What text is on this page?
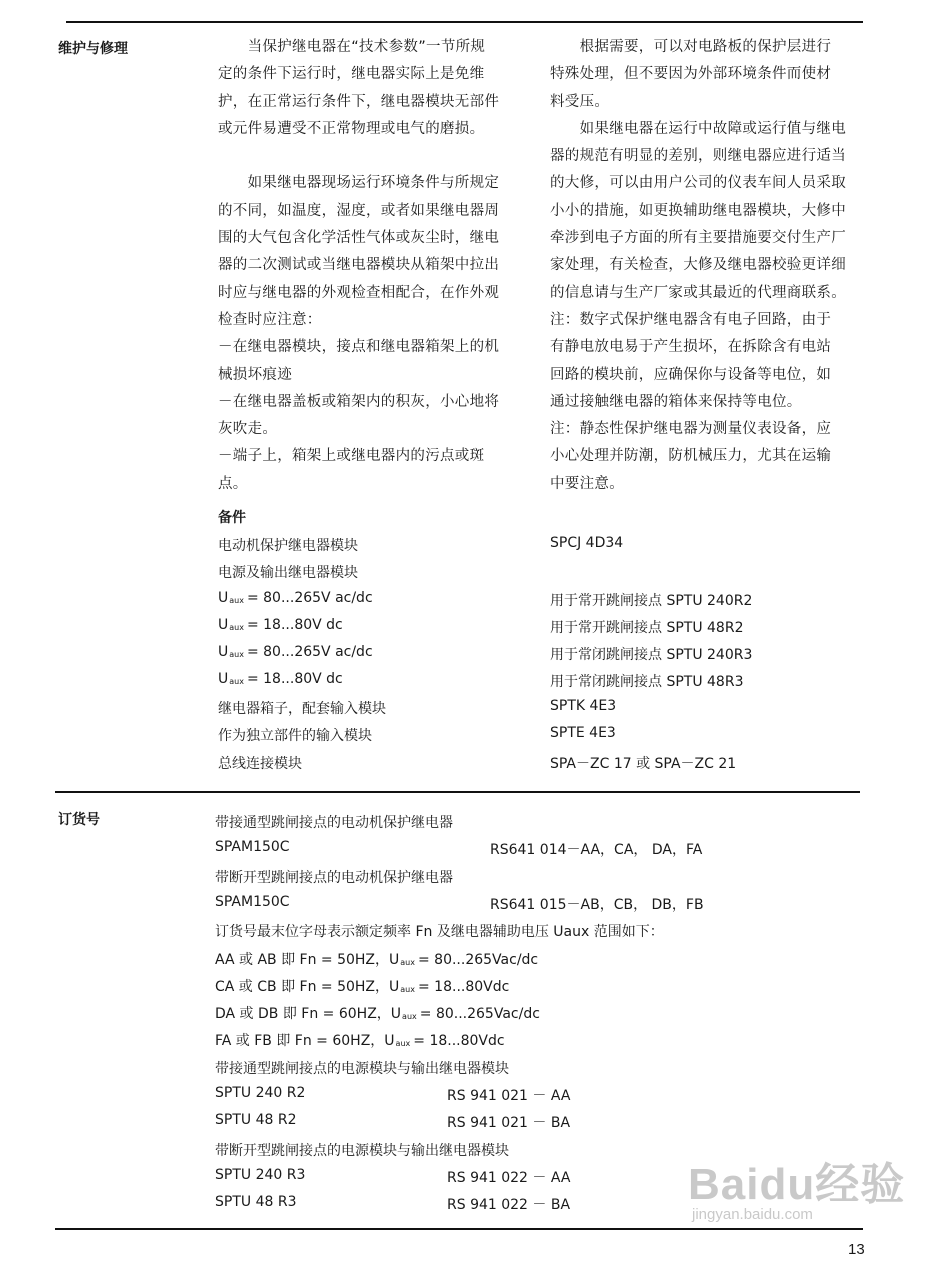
维护与修理	　　当保护继电器在“技术参数”一节所规
定的条件下运行时，继电器实际上是免维
护，在正常运行条件下，继电器模块无部件
或元件易遭受不正常物理或电气的磨损。
　　如果继电器现场运行环境条件与所规定
的不同，如温度，湿度，或者如果继电器周
围的大气包含化学活性气体或灰尘时，继电
器的二次测试或当继电器模块从箱架中拉出
时应与继电器的外观检查相配合，在作外观
检查时应注意：
－在继电器模块，接点和继电器箱架上的机
械损坏痕迹
－在继电器盖板或箱架内的积灰，小心地将
灰吹走。
－端子上，箱架上或继电器内的污点或斑
点。
　　根据需要，可以对电路板的保护层进行
特殊处理，但不要因为外部环境条件而使材
料受压。
　　如果继电器在运行中故障或运行值与继电
器的规范有明显的差别，则继电器应进行适当
的大修，可以由用户公司的仪表车间人员采取
小小的措施，如更换辅助继电器模块，大修中
牵涉到电子方面的所有主要措施要交付生产厂
家处理，有关检查，大修及继电器校验更详细
的信息请与生产厂家或其最近的代理商联系。
注：数字式保护继电器含有电子回路，由于
有静电放电易于产生损坏，在拆除含有电站
回路的模块前，应确保你与设备等电位，如
通过接触继电器的箱体来保持等电位。
注：静态性保护继电器为测量仪表设备，应
小心处理并防潮，防机械压力，尤其在运输
中要注意。
备件
电动机保护继电器模块	SPCJ 4D34
电源及输出继电器模块
$U_{aux} = 80...265V$ ac/dc	用于常开跳闸接点 SPTU 240R2
$U_{aux} = 18...80V$ dc	用于常开跳闸接点 SPTU 48R2
$U_{aux} = 80...265V$ ac/dc	用于常闭跳闸接点 SPTU 240R3
$U_{aux} = 18...80V$ dc	用于常闭跳闸接点 SPTU 48R3
继电器箱子，配套输入模块	SPTK 4E3
作为独立部件的输入模块	SPTE 4E3
总线连接模块	SPA－ZC 17 或 SPA－ZC 21
订货号	带接通型跳闸接点的电动机保护继电器
SPAM150C	RS641 014－AA，CA， DA，FA
带断开型跳闸接点的电动机保护继电器
SPAM150C	RS641 015－AB，CB， DB，FB
订货号最末位字母表示额定频率 Fn 及继电器辅助电压 Uaux 范围如下：
AA 或 AB 即 Fn = 50HZ，$U_{aux} = 80...265Vac/dc$
CA 或 CB 即 Fn = 50HZ，$U_{aux} = 18...80Vdc$
DA 或 DB 即 Fn = 60HZ，$U_{aux} = 80...265Vac/dc$
FA 或 FB 即 Fn = 60HZ，$U_{aux} = 18...80Vdc$
带接通型跳闸接点的电源模块与输出继电器模块
SPTU 240 R2	RS 941 021 － AA
SPTU 48 R2	RS 941 021 － BA
带断开型跳闸接点的电源模块与输出继电器模块
SPTU 240 R3	RS 941 022 － AA
SPTU 48 R3	RS 941 022 － BA
13
Baidu经验
jingyan.baidu.com
